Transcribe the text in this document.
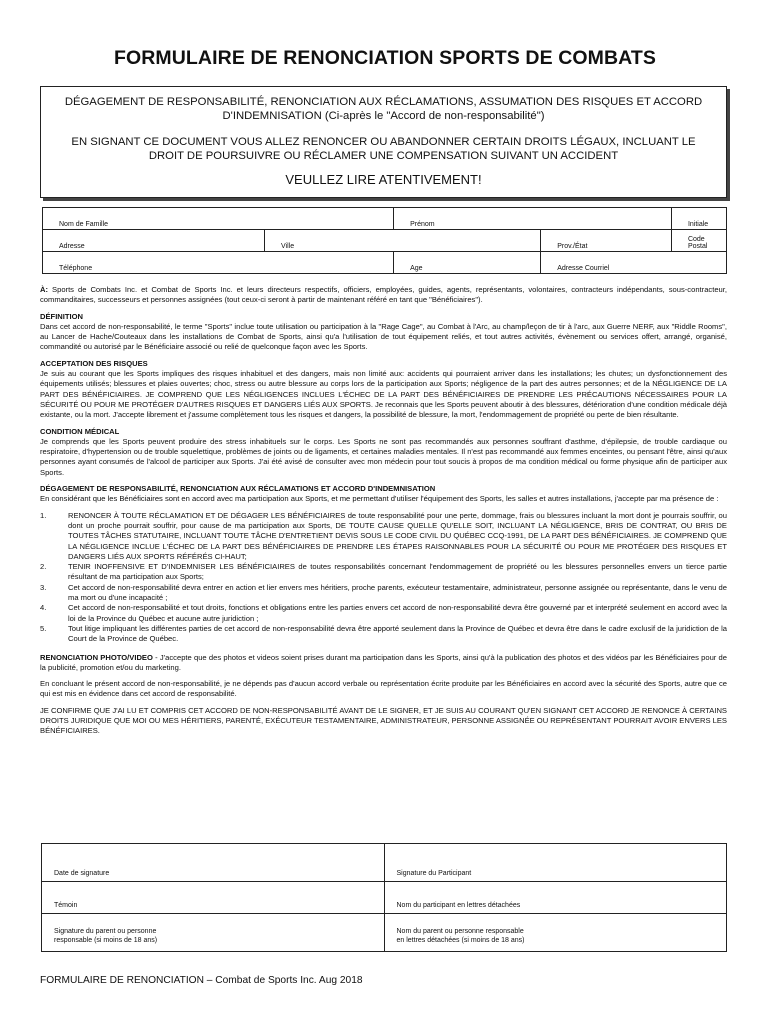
FORMULAIRE DE RENONCIATION SPORTS DE COMBATS
DÉGAGEMENT DE RESPONSABILITÉ, RENONCIATION AUX RÉCLAMATIONS, ASSUMATION DES RISQUES ET ACCORD D'INDEMNISATION (Ci-après le "Accord de non-responsabilité")
EN SIGNANT CE DOCUMENT VOUS ALLEZ RENONCER OU ABANDONNER CERTAIN DROITS LÉGAUX, INCLUANT LE DROIT DE POURSUIVRE OU RÉCLAMER UNE COMPENSATION SUIVANT UN ACCIDENT
VEULLEZ LIRE ATENTIVEMENT!
Nom de Famille		Prénom		Initiale
Adresse	Ville		Prov./État	Code Postal
Téléphone		Age	Adresse Courriel	

À: Sports de Combats Inc. et Combat de Sports Inc. et leurs directeurs respectifs, officiers, employées, guides, agents, représentants, volontaires, contracteurs indépendants, sous-contracteur, commanditaires, successeurs et personnes assignées (tout ceux-ci seront à partir de maintenant référé en tant que "Bénéficiaires").

DÉFINITION

Dans cet accord de non-responsabilité, le terme "Sports" inclue toute utilisation ou participation à la "Rage Cage", au Combat à l'Arc, au champ/leçon de tir à l'arc, aux Guerre NERF, aux "Riddle Rooms", au Lancer de Hache/Couteaux dans les installations de Combat de Sports, ainsi qu'a l'utilisation de tout équipement reliés, et tout autres activités, évènement ou services offert, arrangé, organisé, commandité ou autorisé par le Bénéficiaire associé ou relié de quelconque façon avec les Sports.

ACCEPTATION DES RISQUES

Je suis au courant que les Sports impliques des risques inhabituel et des dangers, mais non limité aux: accidents qui pourraient arriver dans les installations; les chutes; un dysfonctionnement des équipements utilisés; blessures et plaies ouvertes; choc, stress ou autre blessure au corps lors de la participation aux Sports; négligence de la part des autres personnes; et de la NÉGLIGENCE DE LA PART DES BÉNÉFICIAIRES. JE COMPREND QUE LES NÉGLIGENCES INCLUES L'ÉCHEC DE LA PART DES BÉNÉFICIAIRES DE PRENDRE LES PRÉCAUTIONS NÉCESSAIRES POUR LA SÉCURITÉ OU POUR ME PROTÉGER D'AUTRES RISQUES ET DANGERS LIÉS AUX SPORTS. Je reconnais que les Sports peuvent aboutir à des blessures, détérioration d'une condition médicale déjà existante, ou la mort. J'accepte librement et j'assume complètement tous les risques et dangers, la possibilité de blessure, la mort, l'endommagement de propriété ou perte de bien résultante.

CONDITION MÉDICAL

Je comprends que les Sports peuvent produire des stress inhabituels sur le corps. Les Sports ne sont pas recommandés aux personnes souffrant d'asthme, d'épilepsie, de trouble cardiaque ou respiratoire, d'hypertension ou de trouble squelettique, problèmes de joints ou de ligaments, et certaines maladies mentales. Il n'est pas recommandé aux femmes enceintes, ou pensant l'être, ainsi qu'aux personnes ayant consumés de l'alcool de participer aux Sports. J'ai été avisé de consulter avec mon médecin pour tout soucis à propos de ma condition médical ou forme physique afin de participer aux Sports.

DÉGAGEMENT DE RESPONSABILITÉ, RENONCIATION AUX RÉCLAMATIONS ET ACCORD D'INDEMNISATION

En considérant que les Bénéficiaires sont en accord avec ma participation aux Sports, et me permettant d'utiliser l'équipement des Sports, les salles et autres installations, j'accepte par ma présence de :

1.	RENONCER À TOUTE RÉCLAMATION ET DE DÉGAGER LES BÉNÉFICIAIRES de toute responsabilité pour une perte, dommage, frais ou blessures incluant la mort dont je pourrais souffrir, ou dont un proche pourrait souffrir, pour cause de ma participation aux Sports, DE TOUTE CAUSE QUELLE QU'ELLE SOIT, INCLUANT LA NÉGLIGENCE, BRIS DE CONTRAT, OU BRIS DE TOUTES TÂCHES STATUTAIRE, INCLUANT TOUTE TÂCHE D'ENTRETIENT DEVIS SOUS LE CODE CIVIL DU QUÉBEC CCQ-1991, DE LA PART DES BÉNÉFICIAIRES. JE COMPREND QUE LA NÉGLIGENCE INCLUE L'ÉCHEC DE LA PART DES BÉNÉFICIAIRES DE PRENDRE LES ÉTAPES RAISONNABLES POUR LA SÉCURITÉ OU POUR ME PROTÉGER DES RISQUES ET DANGERS LIÉS AUX SPORTS RÉFÉRÉS CI-HAUT;
2.	TENIR INOFFENSIVE ET D'INDEMNISER LES BÉNÉFICIAIRES de toutes responsabilités concernant l'endommagement de propriété ou les blessures personnelles envers un tierce partie résultant de ma participation aux Sports;
3.	Cet accord de non-responsabilité devra entrer en action et lier envers mes héritiers, proche parents, exécuteur testamentaire, administrateur, personne assignée ou représentante, dans le venu de ma mort ou d'une incapacité ;
4.	Cet accord de non-responsabilité et tout droits, fonctions et obligations entre les parties envers cet accord de non-responsabilité devra être gouverné par et interprété seulement en accord avec la loi de la Province du Québec et aucune autre juridiction ;
5.	Tout litige impliquant les différentes parties de cet accord de non-responsabilité devra être apporté seulement dans la Province de Québec et devra être dans le cadre exclusif de la juridiction de la Court de la Province de Québec.

RENONCIATION PHOTO/VIDEO - J'accepte que des photos et videos soient prises durant ma participation dans les Sports, ainsi qu'à la publication des photos et des vidéos par les Bénéficiaires pour de la publicité, promotion et/ou du marketing.

En concluant le présent accord de non-responsabilité, je ne dépends pas d'aucun accord verbale ou représentation écrite produite par les Bénéficiaires en accord avec la sécurité des Sports, autre que ce qui est mis en évidence dans cet accord de responsabilité.

JE CONFIRME QUE J'AI LU ET COMPRIS CET ACCORD DE NON-RESPONSABILITÉ AVANT DE LE SIGNER, ET JE SUIS AU COURANT QU'EN SIGNANT CET ACCORD JE RENONCE À CERTAINS DROITS JURIDIQUE QUE MOI OU MES HÉRITIERS, PARENTÉ, EXÉCUTEUR TESTAMENTAIRE, ADMINISTRATEUR, PERSONNE ASSIGNÉE OU REPRÉSENTANT POURRAIT AVOIR ENVERS LES BÉNÉFICIAIRES.

Date de signature	Signature du Participant
Témoin	Nom du participant en lettres détachées
Signature du parent ou personne
responsable (si moins de 18 ans)	Nom du parent ou personne responsable
en lettres détachées (si moins de 18 ans)
FORMULAIRE DE RENONCIATION – Combat de Sports Inc. Aug 2018
